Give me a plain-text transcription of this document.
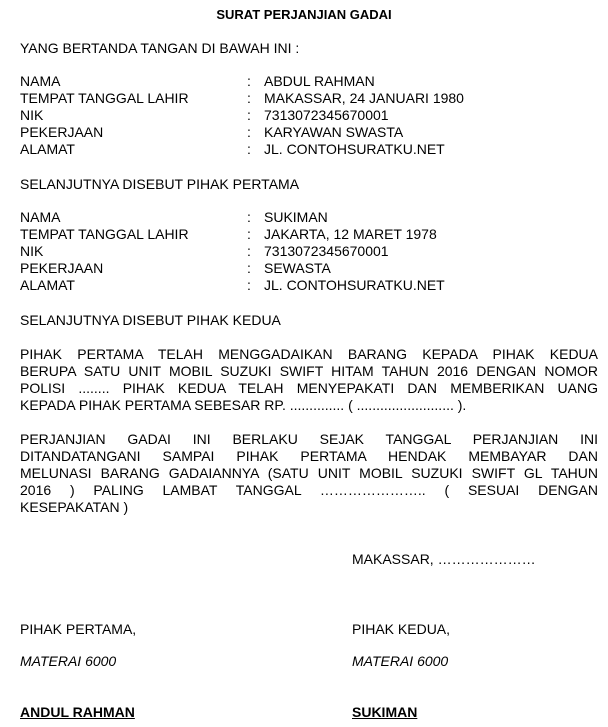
SURAT PERJANJIAN GADAI
YANG BERTANDA TANGAN DI BAWAH INI :
NAMA	: ABDUL RAHMAN
TEMPAT TANGGAL LAHIR	: MAKASSAR, 24 JANUARI 1980
NIK	: 7313072345670001
PEKERJAAN	: KARYAWAN SWASTA
ALAMAT	: JL. CONTOHSURATKU.NET
SELANJUTNYA DISEBUT PIHAK PERTAMA
NAMA	: SUKIMAN
TEMPAT TANGGAL LAHIR	: JAKARTA, 12 MARET 1978
NIK	: 7313072345670001
PEKERJAAN	: SEWASTA
ALAMAT	: JL. CONTOHSURATKU.NET
SELANJUTNYA DISEBUT PIHAK KEDUA
PIHAK PERTAMA TELAH MENGGADAIKAN BARANG KEPADA PIHAK KEDUA
BERUPA SATU UNIT MOBIL SUZUKI SWIFT HITAM TAHUN 2016 DENGAN NOMOR
POLISI ........ PIHAK KEDUA TELAH MENYEPAKATI DAN MEMBERIKAN UANG
KEPADA PIHAK PERTAMA SEBESAR RP. .............. ( ......................... ).
PERJANJIAN GADAI INI BERLAKU SEJAK TANGGAL PERJANJIAN INI
DITANDATANGANI SAMPAI PIHAK PERTAMA HENDAK MEMBAYAR DAN
MELUNASI BARANG GADAIANNYA (SATU UNIT MOBIL SUZUKI SWIFT GL TAHUN
2016 ) PALING LAMBAT TANGGAL ………………….. ( SESUAI DENGAN
KESEPAKATAN )
MAKASSAR, …………………
PIHAK PERTAMA,
MATERAI 6000
ANDUL RAHMAN
PIHAK KEDUA,
MATERAI 6000
SUKIMAN
